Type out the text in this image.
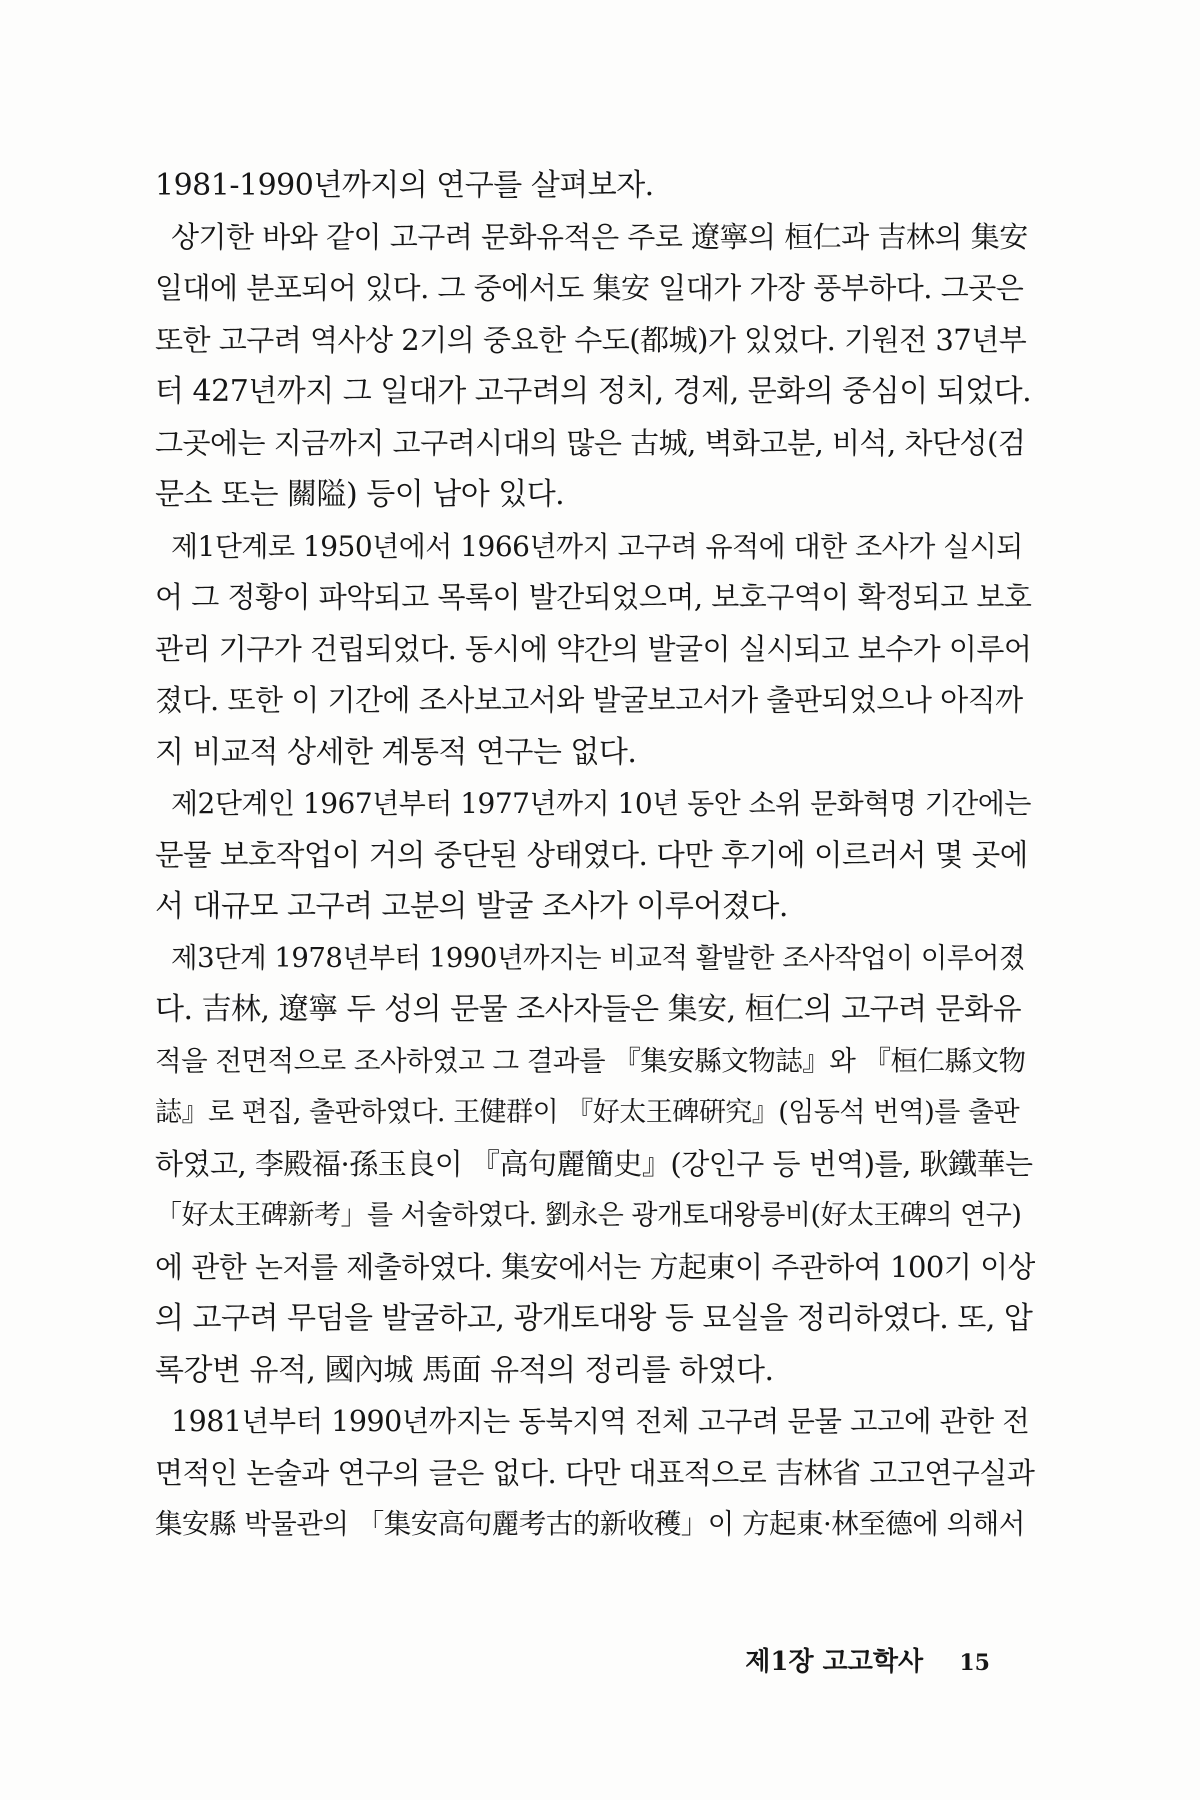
1981-1990년까지의 연구를 살펴보자.
상기한 바와 같이 고구려 문화유적은 주로 遼寧의 桓仁과 吉林의 集安
일대에 분포되어 있다. 그 중에서도 集安 일대가 가장 풍부하다. 그곳은
또한 고구려 역사상 2기의 중요한 수도(都城)가 있었다. 기원전 37년부
터 427년까지 그 일대가 고구려의 정치, 경제, 문화의 중심이 되었다.
그곳에는 지금까지 고구려시대의 많은 古城, 벽화고분, 비석, 차단성(검
문소 또는 關隘) 등이 남아 있다.
제1단계로 1950년에서 1966년까지 고구려 유적에 대한 조사가 실시되
어 그 정황이 파악되고 목록이 발간되었으며, 보호구역이 확정되고 보호
관리 기구가 건립되었다. 동시에 약간의 발굴이 실시되고 보수가 이루어
졌다. 또한 이 기간에 조사보고서와 발굴보고서가 출판되었으나 아직까
지 비교적 상세한 계통적 연구는 없다.
제2단계인 1967년부터 1977년까지 10년 동안 소위 문화혁명 기간에는
문물 보호작업이 거의 중단된 상태였다. 다만 후기에 이르러서 몇 곳에
서 대규모 고구려 고분의 발굴 조사가 이루어졌다.
제3단계 1978년부터 1990년까지는 비교적 활발한 조사작업이 이루어졌
다. 吉林, 遼寧 두 성의 문물 조사자들은 集安, 桓仁의 고구려 문화유
적을 전면적으로 조사하였고 그 결과를 『集安縣文物誌』와 『桓仁縣文物
誌』로 편집, 출판하였다. 王健群이 『好太王碑硏究』(임동석 번역)를 출판
하였고, 李殿福·孫玉良이 『高句麗簡史』(강인구 등 번역)를, 耿鐵華는
「好太王碑新考」를 서술하였다. 劉永은 광개토대왕릉비(好太王碑의 연구)
에 관한 논저를 제출하였다. 集安에서는 方起東이 주관하여 100기 이상
의 고구려 무덤을 발굴하고, 광개토대왕 등 묘실을 정리하였다. 또, 압
록강변 유적, 國內城 馬面 유적의 정리를 하였다.
1981년부터 1990년까지는 동북지역 전체 고구려 문물 고고에 관한 전
면적인 논술과 연구의 글은 없다. 다만 대표적으로 吉林省 고고연구실과
集安縣 박물관의 「集安高句麗考古的新收穫」이 方起東·林至德에 의해서
제1장 고고학사 15
